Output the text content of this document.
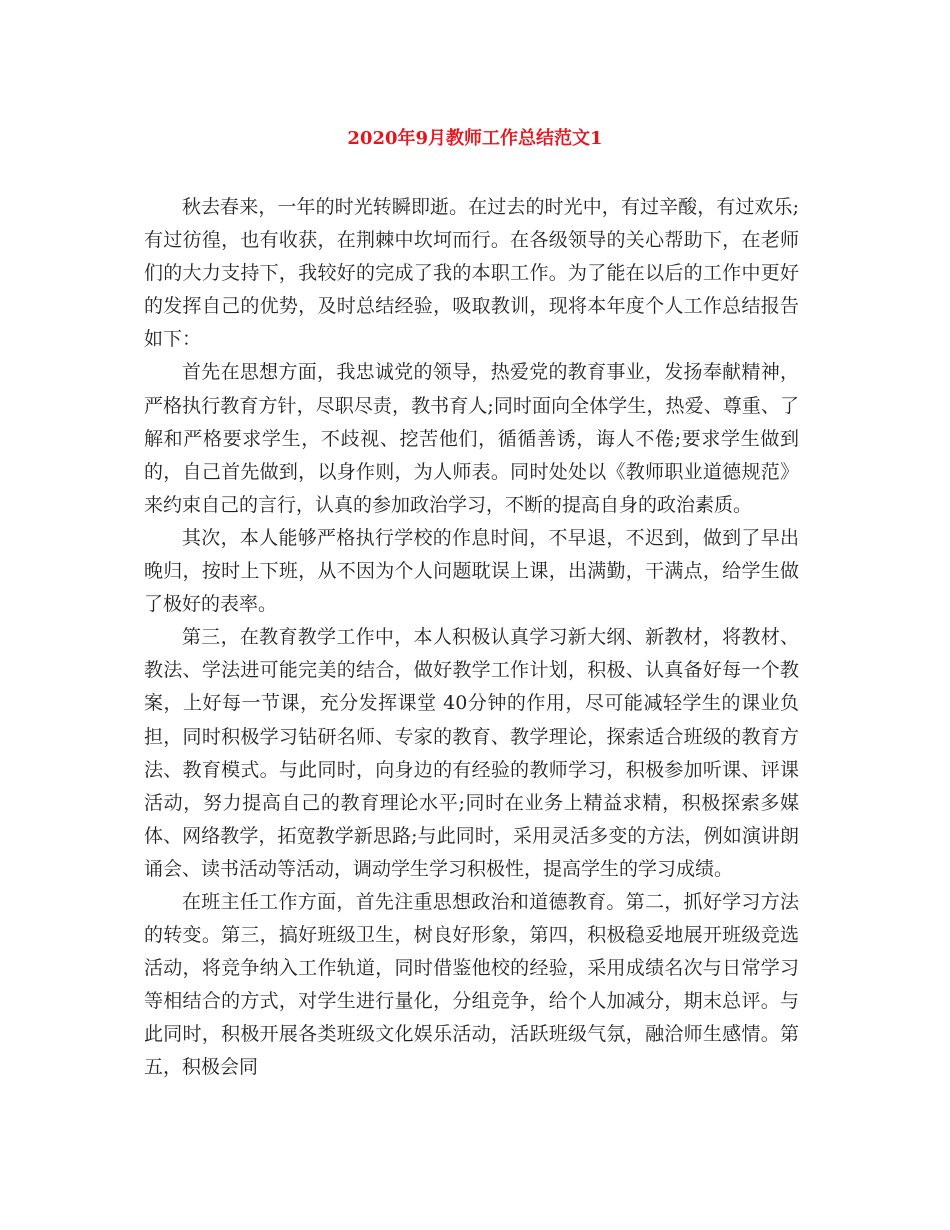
2020年9月教师工作总结范文1

秋去春来，一年的时光转瞬即逝。在过去的时光中，有过辛酸，有过欢乐;有过彷徨，也有收获，在荆棘中坎坷而行。在各级领导的关心帮助下，在老师们的大力支持下，我较好的完成了我的本职工作。为了能在以后的工作中更好的发挥自己的优势，及时总结经验，吸取教训，现将本年度个人工作总结报告如下：

首先在思想方面，我忠诚党的领导，热爱党的教育事业，发扬奉献精神，严格执行教育方针，尽职尽责，教书育人;同时面向全体学生，热爱、尊重、了解和严格要求学生，不歧视、挖苦他们，循循善诱，诲人不倦;要求学生做到的，自己首先做到，以身作则，为人师表。同时处处以《教师职业道德规范》来约束自己的言行，认真的参加政治学习，不断的提高自身的政治素质。

其次，本人能够严格执行学校的作息时间，不早退，不迟到，做到了早出晚归，按时上下班，从不因为个人问题耽误上课，出满勤，干满点，给学生做了极好的表率。

第三，在教育教学工作中，本人积极认真学习新大纲、新教材，将教材、教法、学法进可能完美的结合，做好教学工作计划，积极、认真备好每一个教案，上好每一节课，充分发挥课堂 40分钟的作用，尽可能减轻学生的课业负担，同时积极学习钻研名师、专家的教育、教学理论，探索适合班级的教育方法、教育模式。与此同时，向身边的有经验的教师学习，积极参加听课、评课活动，努力提高自己的教育理论水平;同时在业务上精益求精，积极探索多媒体、网络教学，拓宽教学新思路;与此同时，采用灵活多变的方法，例如演讲朗诵会、读书活动等活动，调动学生学习积极性，提高学生的学习成绩。

在班主任工作方面，首先注重思想政治和道德教育。第二，抓好学习方法的转变。第三，搞好班级卫生，树良好形象，第四，积极稳妥地展开班级竞选活动，将竞争纳入工作轨道，同时借鉴他校的经验，采用成绩名次与日常学习等相结合的方式，对学生进行量化，分组竞争，给个人加减分，期末总评。与此同时，积极开展各类班级文化娱乐活动，活跃班级气氛，融洽师生感情。第五，积极会同
